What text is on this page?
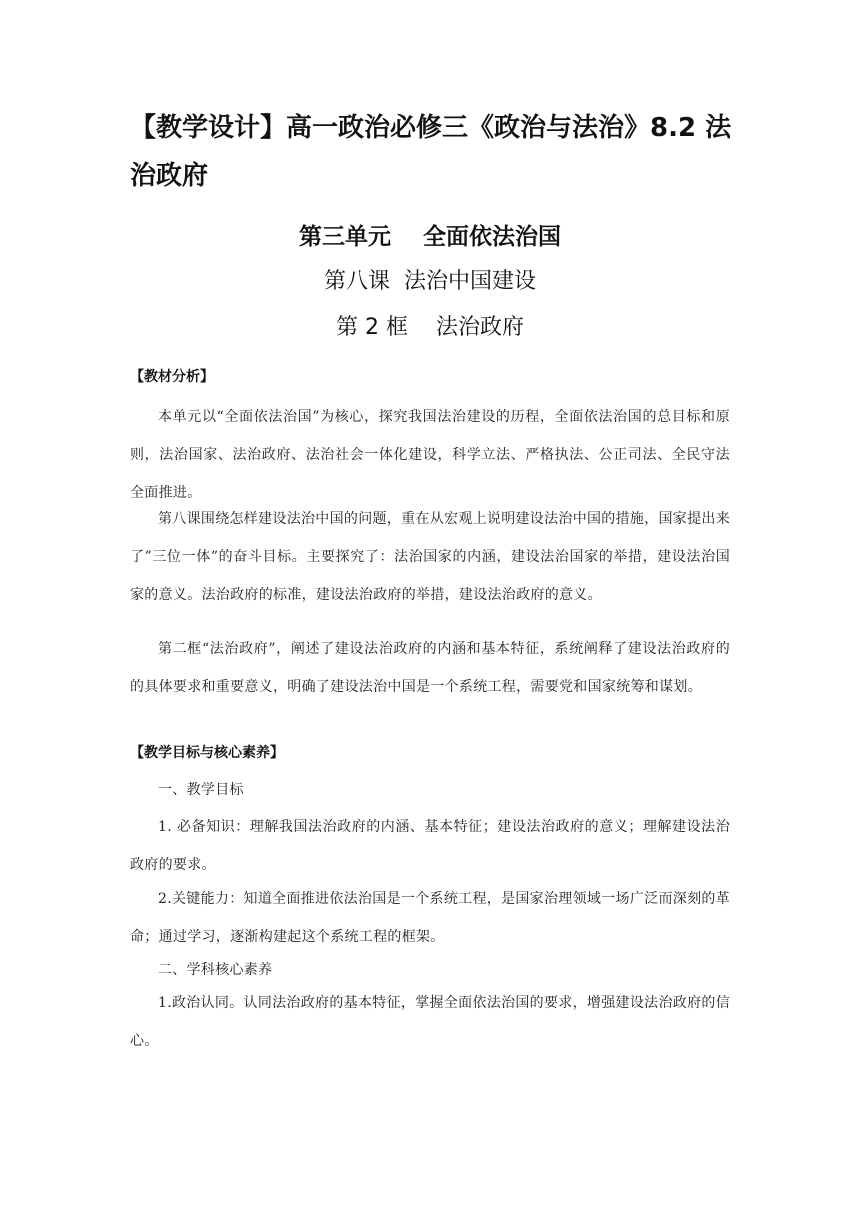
【教学设计】高一政治必修三《政治与法治》8.2 法治政府
第三单元    全面依法治国
第八课  法治中国建设
第 2 框    法治政府
【教材分析】

本单元以“全面依法治国”为核心，探究我国法治建设的历程，全面依法治国的总目标和原则，法治国家、法治政府、法治社会一体化建设，科学立法、严格执法、公正司法、全民守法全面推进。

第八课围绕怎样建设法治中国的问题，重在从宏观上说明建设法治中国的措施，国家提出来了”三位一体”的奋斗目标。主要探究了：法治国家的内涵，建设法治国家的举措，建设法治国家的意义。法治政府的标准，建设法治政府的举措，建设法治政府的意义。

第二框“法治政府”，阐述了建设法治政府的内涵和基本特征，系统阐释了建设法治政府的的具体要求和重要意义，明确了建设法治中国是一个系统工程，需要党和国家统筹和谋划。

【教学目标与核心素养】
一、教学目标

1. 必备知识：理解我国法治政府的内涵、基本特征；建设法治政府的意义；理解建设法治政府的要求。

2.关键能力：知道全面推进依法治国是一个系统工程，是国家治理领域一场广泛而深刻的革命；通过学习，逐渐构建起这个系统工程的框架。

二、学科核心素养

1.政治认同。认同法治政府的基本特征，掌握全面依法治国的要求，增强建设法治政府的信心。
